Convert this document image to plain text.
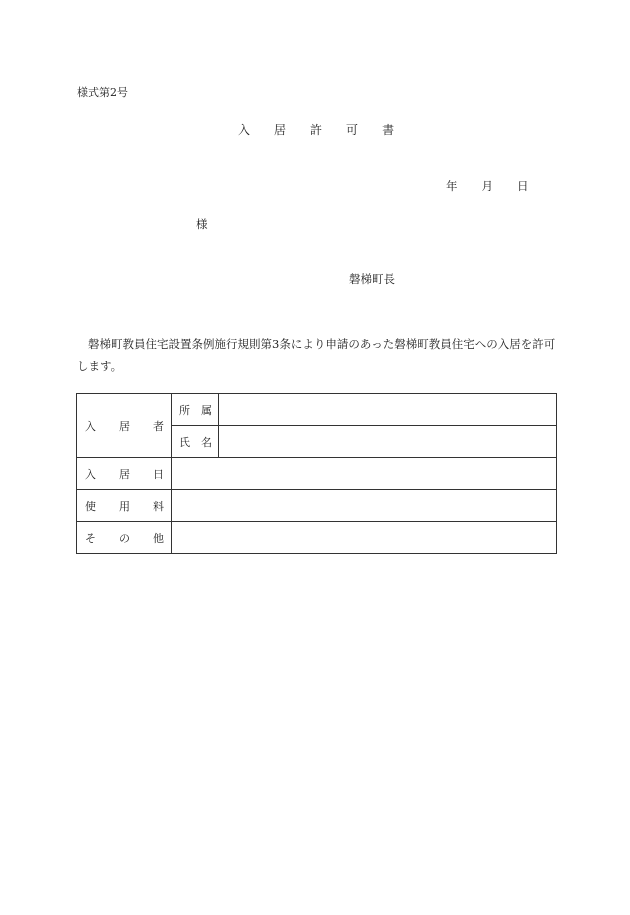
様式第2号
入 居 許 可 書
年 月 日
様
磐梯町長
磐梯町教員住宅設置条例施行規則第3条により申請のあった磐梯町教員住宅への入居を許可します。
入 居 者	所 属	

	氏 名	

入 居 日		

使 用 料		

そ の 他		
